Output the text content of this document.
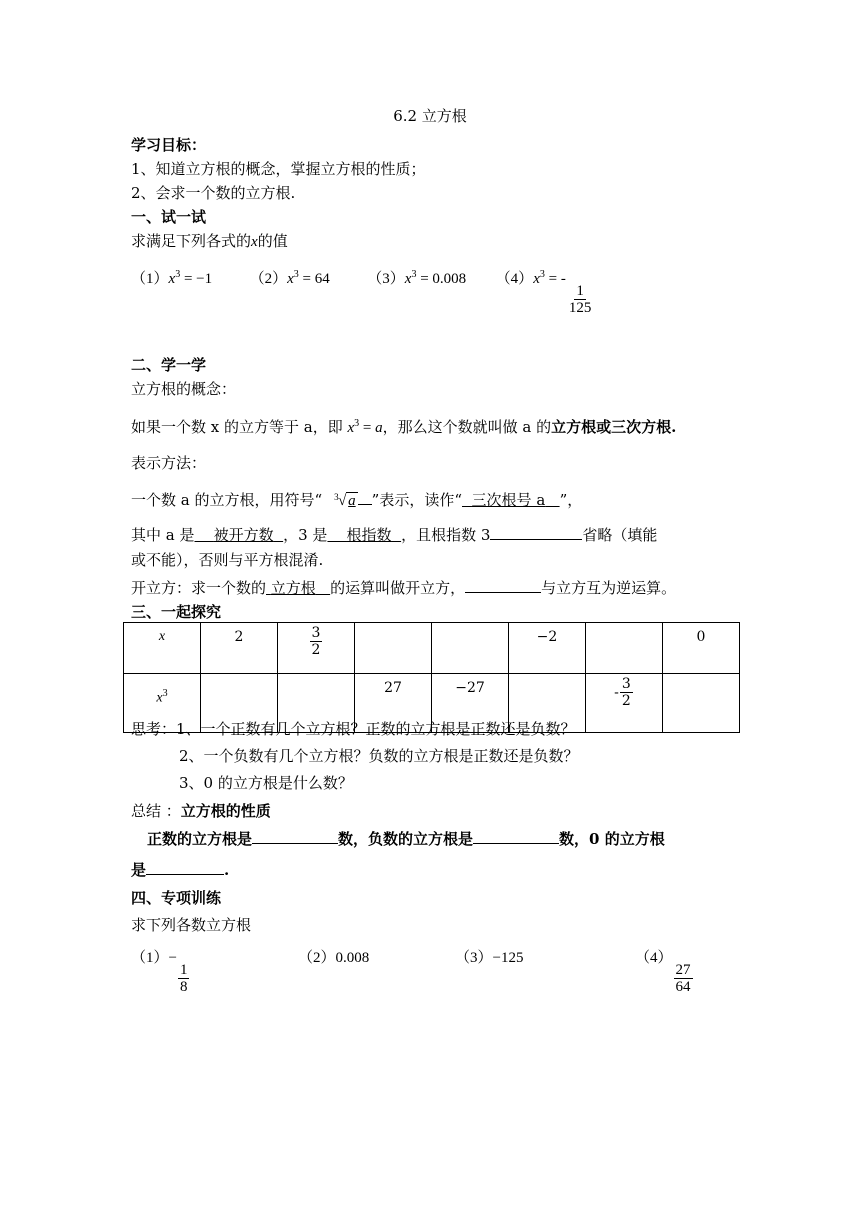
6.2 立方根
学习目标：
1、知道立方根的概念，掌握立方根的性质；
2、会求一个数的立方根.
一、试一试
求满足下列各式的x的值
$(1)x^3 = -1$	$(2)x^3 = 64$	$(3)x^3 = 0.008$ $(4)x^3$ = -
$\frac{1}{125}$
二、学一学
立方根的概念：
如果一个数 x 的立方等于 a，即 $x^3 = a$，那么这个数就叫做 a 的立方根或三次方根.
表示方法：
一个数 a 的立方根，用符号“ 3 √ a ”表示，读作“ 三次根号 a ”，
其中 a 是 被开方数 ，3 是 根指数 ，且根指数 3	省略（填能
或不能），否则与平方根混淆.
开立方：求一个数的 立方根 的运算叫做开立方，	与立方互为逆运算。
三、一起探究
x	2	$\frac{3}{2}$			−2		0
$x^3$			27	−27		- $\frac{3}{2}$

思考：1、一个正数有几个立方根？正数的立方根是正数还是负数？
2、一个负数有几个立方根？负数的立方根是正数还是负数？
3、0 的立方根是什么数？
总结 ：立方根的性质
正数的立方根是	数，负数的立方根是	数，0 的立方根
是	.
四、专项训练
求下列各数立方根
（1）−
$\frac{1}{8}$
（2）0.008	（3）−125	（4）
$\frac{27}{64}$
